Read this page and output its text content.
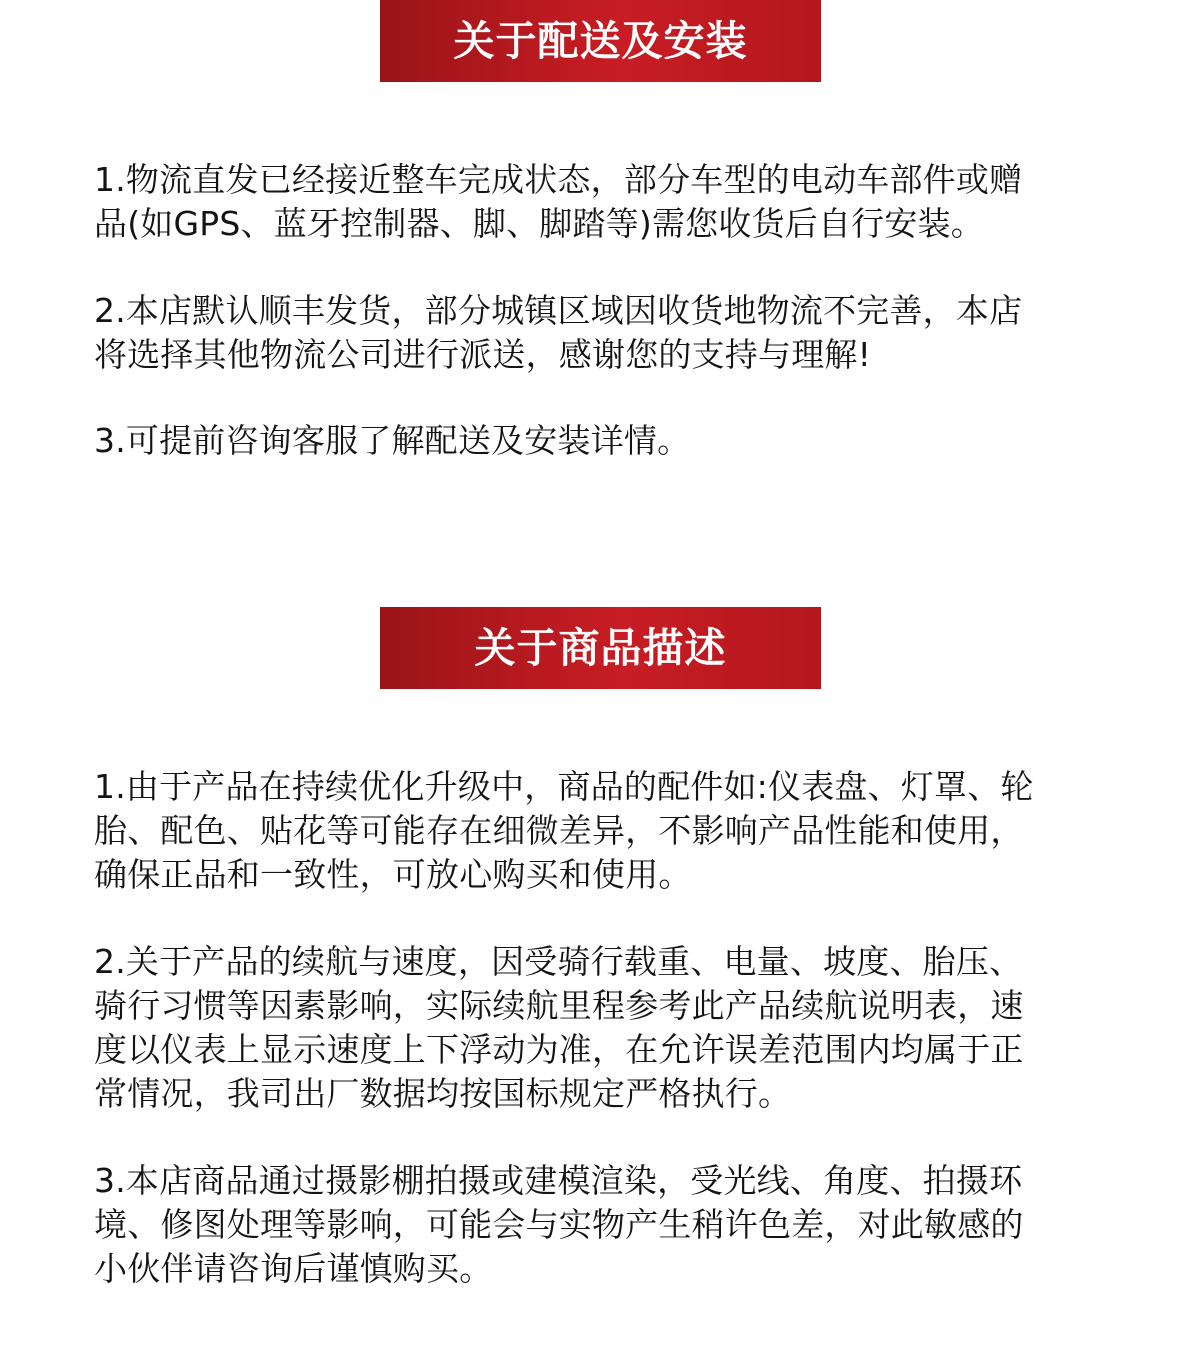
关于配送及安装

1.物流直发已经接近整车完成状态，部分车型的电动车部件或赠
品(如GPS、蓝牙控制器、脚、脚踏等)需您收货后自行安装。

2.本店默认顺丰发货，部分城镇区域因收货地物流不完善，本店
将选择其他物流公司进行派送，感谢您的支持与理解!

3.可提前咨询客服了解配送及安装详情。

关于商品描述

1.由于产品在持续优化升级中，商品的配件如:仪表盘、灯罩、轮
胎、配色、贴花等可能存在细微差异，不影响产品性能和使用，
确保正品和一致性，可放心购买和使用。

2.关于产品的续航与速度，因受骑行载重、电量、坡度、胎压、
骑行习惯等因素影响，实际续航里程参考此产品续航说明表，速
度以仪表上显示速度上下浮动为准，在允许误差范围内均属于正
常情况，我司出厂数据均按国标规定严格执行。

3.本店商品通过摄影棚拍摄或建模渲染，受光线、角度、拍摄环
境、修图处理等影响，可能会与实物产生稍许色差，对此敏感的
小伙伴请咨询后谨慎购买。
